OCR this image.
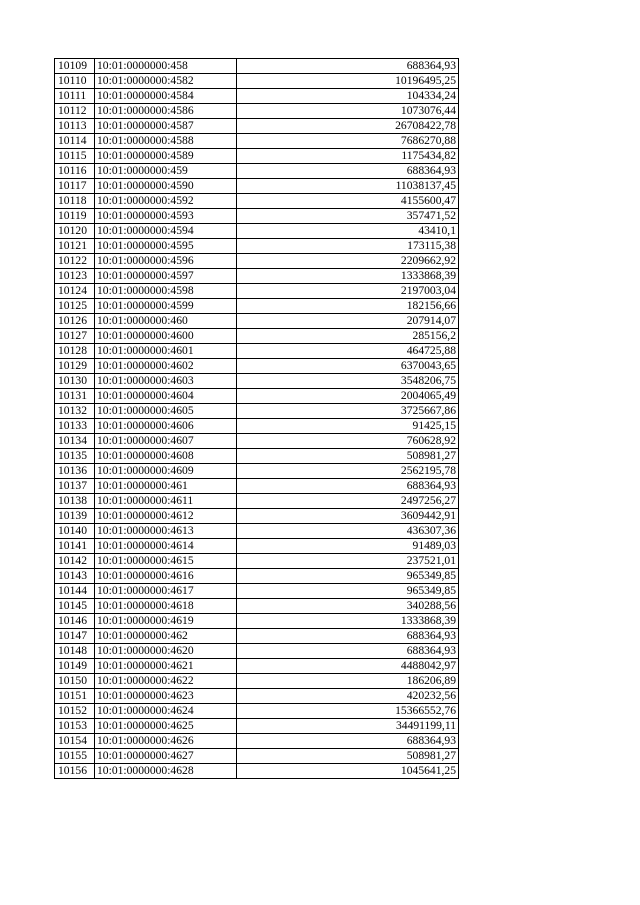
10109	10:01:0000000:458	688364,93
10110	10:01:0000000:4582	10196495,25
10111	10:01:0000000:4584	104334,24
10112	10:01:0000000:4586	1073076,44
10113	10:01:0000000:4587	26708422,78
10114	10:01:0000000:4588	7686270,88
10115	10:01:0000000:4589	1175434,82
10116	10:01:0000000:459	688364,93
10117	10:01:0000000:4590	11038137,45
10118	10:01:0000000:4592	4155600,47
10119	10:01:0000000:4593	357471,52
10120	10:01:0000000:4594	43410,1
10121	10:01:0000000:4595	173115,38
10122	10:01:0000000:4596	2209662,92
10123	10:01:0000000:4597	1333868,39
10124	10:01:0000000:4598	2197003,04
10125	10:01:0000000:4599	182156,66
10126	10:01:0000000:460	207914,07
10127	10:01:0000000:4600	285156,2
10128	10:01:0000000:4601	464725,88
10129	10:01:0000000:4602	6370043,65
10130	10:01:0000000:4603	3548206,75
10131	10:01:0000000:4604	2004065,49
10132	10:01:0000000:4605	3725667,86
10133	10:01:0000000:4606	91425,15
10134	10:01:0000000:4607	760628,92
10135	10:01:0000000:4608	508981,27
10136	10:01:0000000:4609	2562195,78
10137	10:01:0000000:461	688364,93
10138	10:01:0000000:4611	2497256,27
10139	10:01:0000000:4612	3609442,91
10140	10:01:0000000:4613	436307,36
10141	10:01:0000000:4614	91489,03
10142	10:01:0000000:4615	237521,01
10143	10:01:0000000:4616	965349,85
10144	10:01:0000000:4617	965349,85
10145	10:01:0000000:4618	340288,56
10146	10:01:0000000:4619	1333868,39
10147	10:01:0000000:462	688364,93
10148	10:01:0000000:4620	688364,93
10149	10:01:0000000:4621	4488042,97
10150	10:01:0000000:4622	186206,89
10151	10:01:0000000:4623	420232,56
10152	10:01:0000000:4624	15366552,76
10153	10:01:0000000:4625	34491199,11
10154	10:01:0000000:4626	688364,93
10155	10:01:0000000:4627	508981,27
10156	10:01:0000000:4628	1045641,25
